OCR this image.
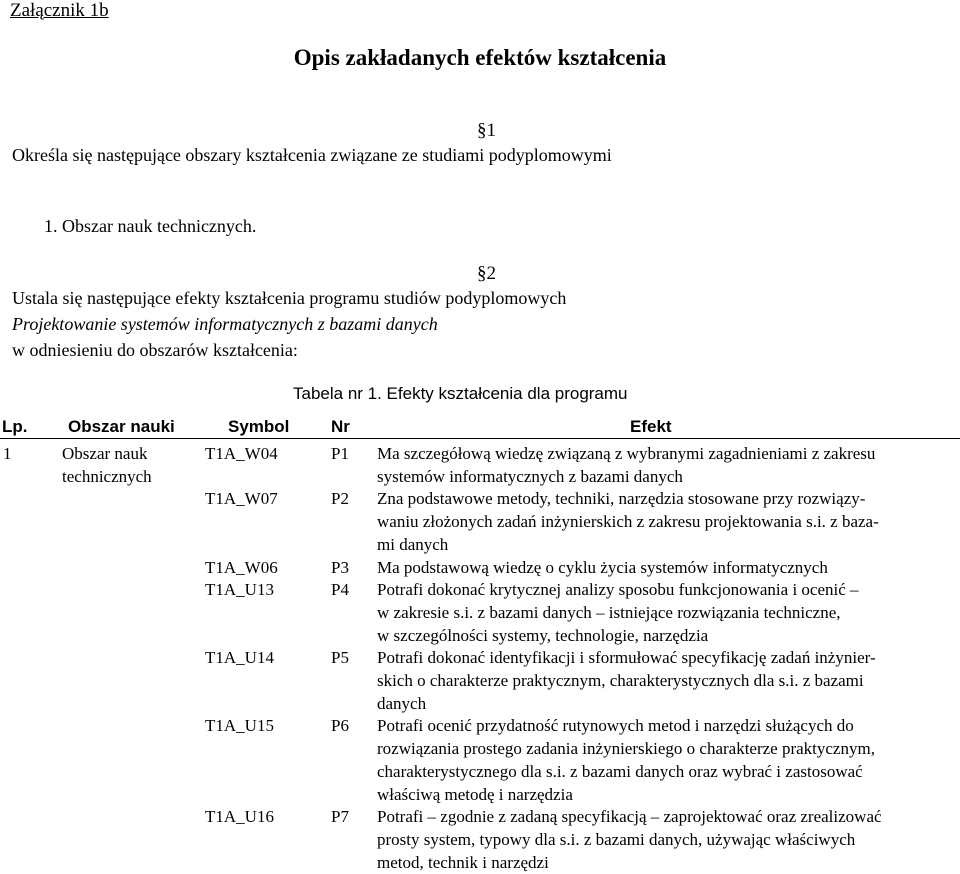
Załącznik 1b
Opis zakładanych efektów kształcenia
§1
Określa się następujące obszary kształcenia związane ze studiami podyplomowymi
1. Obszar nauk technicznych.
§2
Ustala się następujące efekty kształcenia programu studiów podyplomowych
Projektowanie systemów informatycznych z bazami danych
w odniesieniu do obszarów kształcenia:
Tabela nr 1. Efekty kształcenia dla programu
Lp. Obszar nauki	Symbol Nr	Efekt
1	Obszar nauk
technicznych
T1A_W04	P1 Ma szczegółową wiedzę związaną z wybranymi zagadnieniami z zakresu
systemów informatycznych z bazami danych
T1A_W07	P2 Zna podstawowe metody, techniki, narzędzia stosowane przy rozwiązy-
waniu złożonych zadań inżynierskich z zakresu projektowania s.i. z baza-
mi danych
T1A_W06	P3 Ma podstawową wiedzę o cyklu życia systemów informatycznych
T1A_U13	P4 Potrafi dokonać krytycznej analizy sposobu funkcjonowania i ocenić –
w zakresie s.i. z bazami danych – istniejące rozwiązania techniczne,
w szczególności systemy, technologie, narzędzia
T1A_U14	P5 Potrafi dokonać identyfikacji i sformułować specyfikację zadań inżynier-
skich o charakterze praktycznym, charakterystycznych dla s.i. z bazami
danych
T1A_U15	P6 Potrafi ocenić przydatność rutynowych metod i narzędzi służących do
rozwiązania prostego zadania inżynierskiego o charakterze praktycznym,
charakterystycznego dla s.i. z bazami danych oraz wybrać i zastosować
właściwą metodę i narzędzia
T1A_U16	P7 Potrafi – zgodnie z zadaną specyfikacją – zaprojektować oraz zrealizować
prosty system, typowy dla s.i. z bazami danych, używając właściwych
metod, technik i narzędzi
